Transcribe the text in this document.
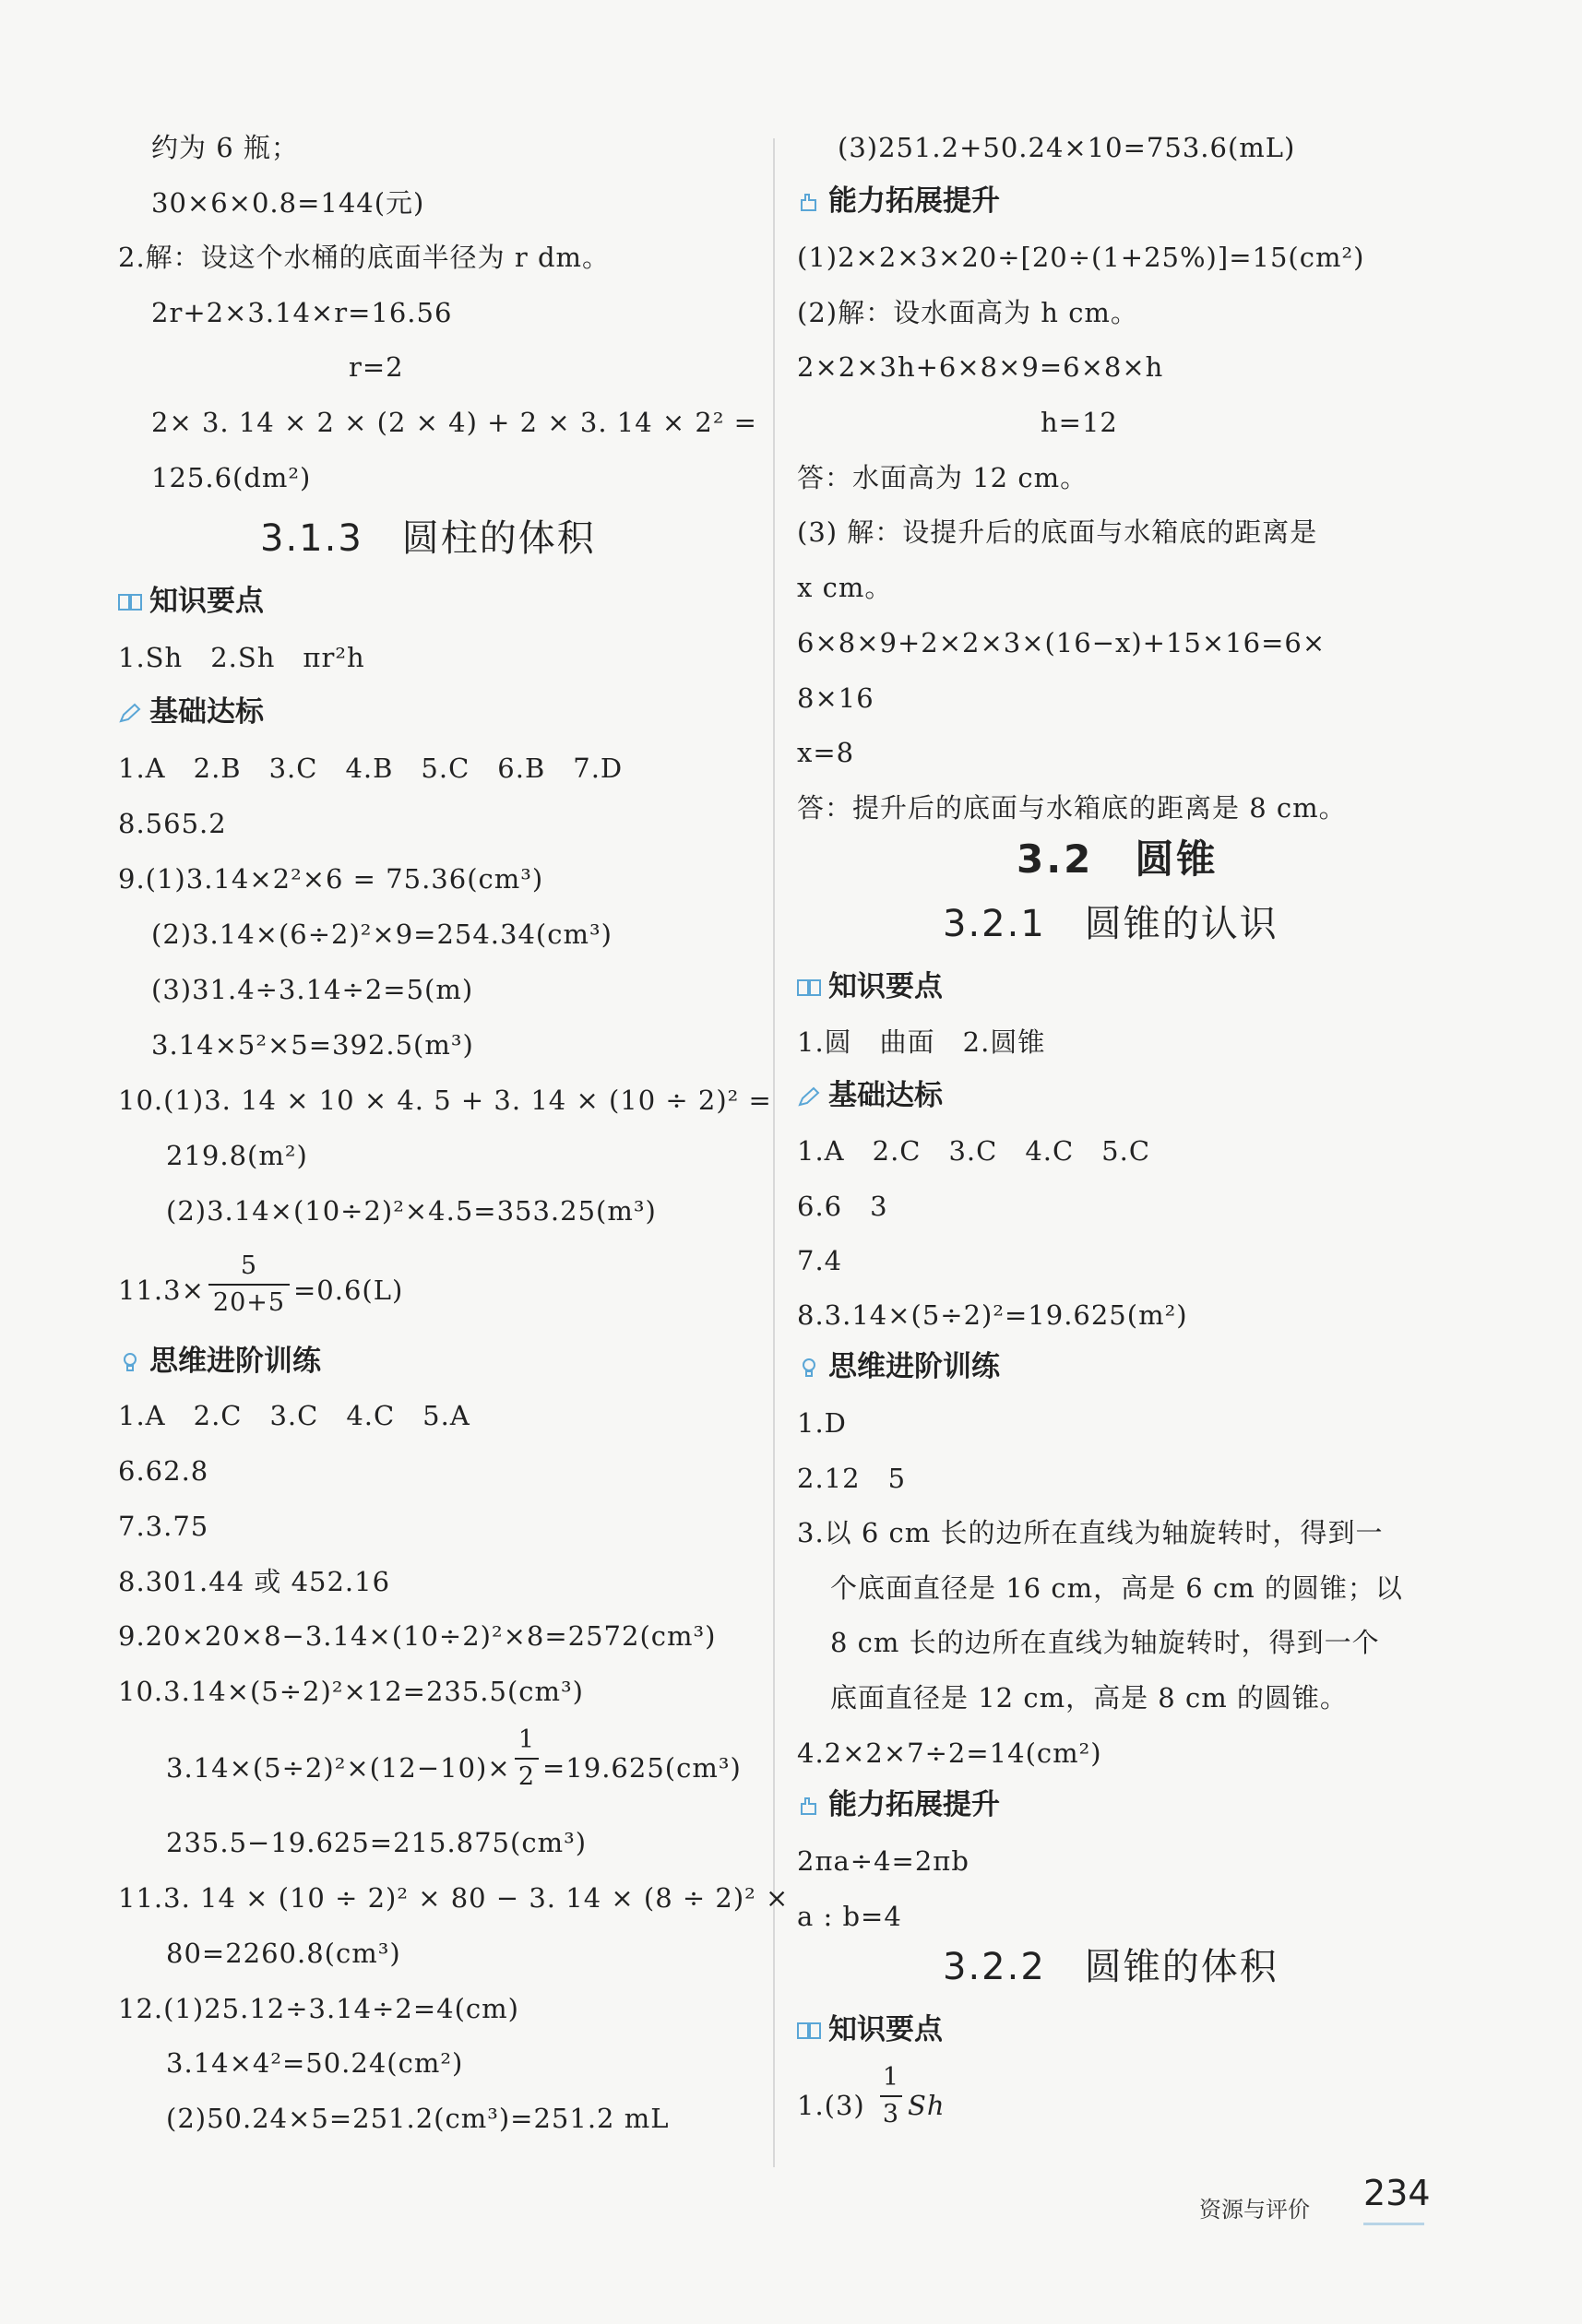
约为 6 瓶；
30×6×0.8=144(元)
2.解：设这个水桶的底面半径为 r dm。
2r+2×3.14×r=16.56
r=2
2× 3. 14 × 2 × (2 × 4) + 2 × 3. 14 × 2² =
125.6(dm²)
3.1.3　圆柱的体积
知识要点
1.Sh　2.Sh　πr²h
基础达标
1.A　2.B　3.C　4.B　5.C　6.B　7.D
8.565.2
9.(1)3.14×2²×6 = 75.36(cm³)
(2)3.14×(6÷2)²×9=254.34(cm³)
(3)31.4÷3.14÷2=5(m)
3.14×5²×5=392.5(m³)
10.(1)3. 14 × 10 × 4. 5 + 3. 14 × (10 ÷ 2)² =
219.8(m²)
(2)3.14×(10÷2)²×4.5=353.25(m³)
11.3×
5
20+5 =0.6(L)
思维进阶训练
1.A　2.C　3.C　4.C　5.A
6.62.8
7.3.75
8.301.44 或 452.16
9.20×20×8−3.14×(10÷2)²×8=2572(cm³)
10.3.14×(5÷2)²×12=235.5(cm³)
3.14×(5÷2)²×(12−10)×
1
2 =19.625(cm³)
235.5−19.625=215.875(cm³)
11.3. 14 × (10 ÷ 2)² × 80 − 3. 14 × (8 ÷ 2)² ×
80=2260.8(cm³)
12.(1)25.12÷3.14÷2=4(cm)
3.14×4²=50.24(cm²)
(2)50.24×5=251.2(cm³)=251.2 mL
(3)251.2+50.24×10=753.6(mL)
能力拓展提升
(1)2×2×3×20÷[20÷(1+25%)]=15(cm²)
(2)解：设水面高为 h cm。
2×2×3h+6×8×9=6×8×h
h=12
答：水面高为 12 cm。
(3) 解：设提升后的底面与水箱底的距离是
x cm。
6×8×9+2×2×3×(16−x)+15×16=6×
8×16
x=8
答：提升后的底面与水箱底的距离是 8 cm。
3.2　圆锥
3.2.1　圆锥的认识
知识要点
1.圆　曲面　2.圆锥
基础达标
1.A　2.C　3.C　4.C　5.C
6.6　3
7.4
8.3.14×(5÷2)²=19.625(m²)
思维进阶训练
1.D
2.12　5
3.以 6 cm 长的边所在直线为轴旋转时，得到一
个底面直径是 16 cm，高是 6 cm 的圆锥；以
8 cm 长的边所在直线为轴旋转时，得到一个
底面直径是 12 cm，高是 8 cm 的圆锥。
4.2×2×7÷2=14(cm²)
能力拓展提升
2πa÷4=2πb
a : b=4
3.2.2　圆锥的体积
知识要点
1.(3)
1
3 Sh
资源与评价 234
